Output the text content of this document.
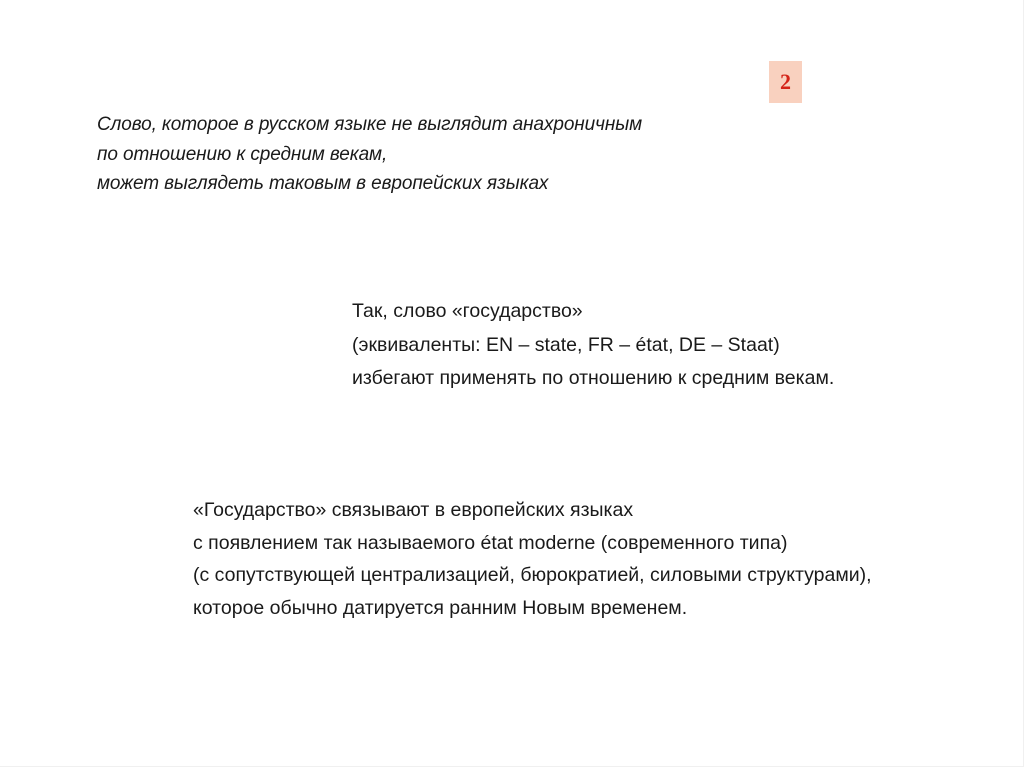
2
Слово, которое в русском языке не выглядит анахроничным
по отношению к средним векам,
может выглядеть таковым в европейских языках
Так, слово «государство»
(эквиваленты: EN – state, FR – état, DE – Staat)
избегают применять по отношению к средним векам.
«Государство» связывают в европейских языках
с появлением так называемого état moderne (современного типа)
(с сопутствующей централизацией, бюрократией, силовыми структурами),
которое обычно датируется ранним Новым временем.
